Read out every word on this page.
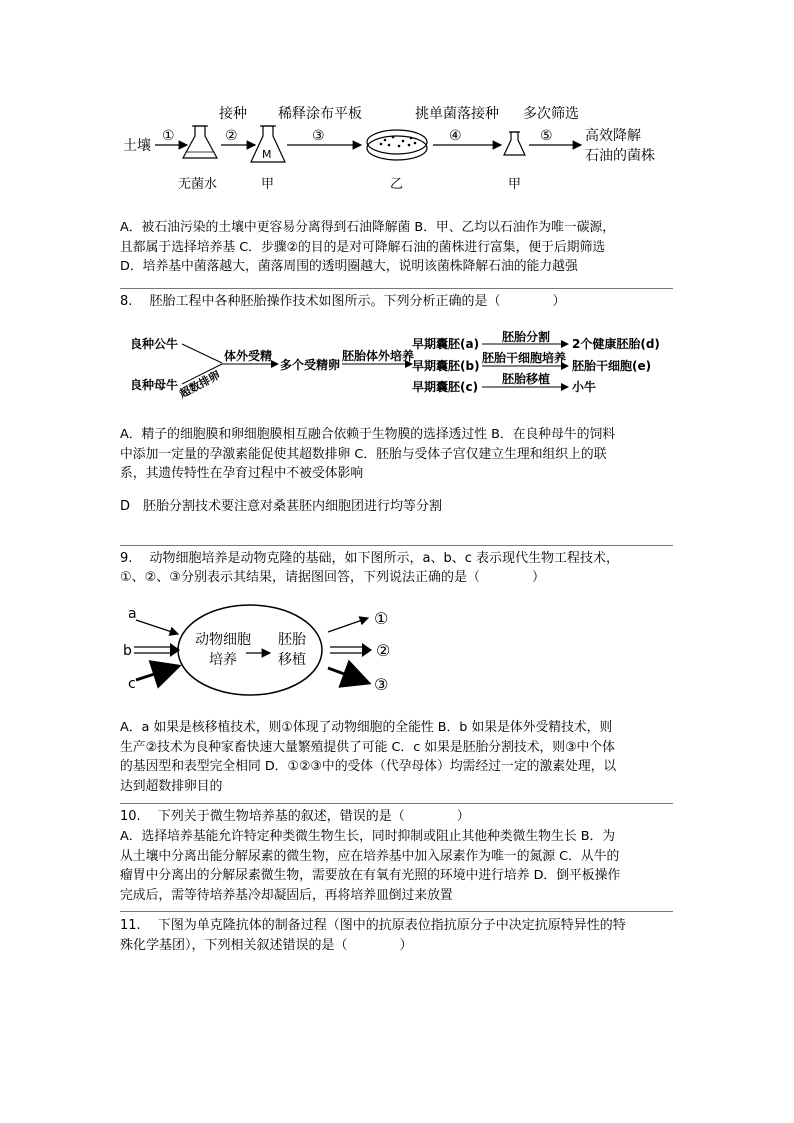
土壤
①
无菌水
接种
②
M
甲
稀释涂布平板
③
乙
挑单菌落接种
④
甲
多次筛选
⑤ 高效降解
石油的菌株
A．被石油污染的土壤中更容易分离得到石油降解菌 B．甲、乙均以石油作为唯一碳源，
且都属于选择培养基 C．步骤②的目的是对可降解石油的菌株进行富集，便于后期筛选
D．培养基中菌落越大，菌落周围的透明圈越大，说明该菌株降解石油的能力越强
8.　 胚胎工程中各种胚胎操作技术如图所示。下列分析正确的是（　　　　）
良种公牛
良种母牛 超数排卵
体外受精
多个受精卵
胚胎体外培养
早期囊胚(a)
早期囊胚(b)
早期囊胚(c)
胚胎分割
胚胎干细胞培养
胚胎移植
2个健康胚胎(d)
胚胎干细胞(e)
小牛
A．精子的细胞膜和卵细胞膜相互融合依赖于生物膜的选择透过性 B．在良种母牛的饲料
中添加一定量的孕激素能促使其超数排卵 C．胚胎与受体子宫仅建立生理和组织上的联
系，其遗传特性在孕育过程中不被受体影响
D　胚胎分割技术要注意对桑葚胚内细胞团进行均等分割
9.　 动物细胞培养是动物克隆的基础，如下图所示，a、b、c 表示现代生物工程技术，
①、②、③分别表示其结果，请据图回答，下列说法正确的是（　　　　）
a
b
c
动物细胞
培养
胚胎
移植
①
②
③
A．a 如果是核移植技术，则①体现了动物细胞的全能性 B．b 如果是体外受精技术，则
生产②技术为良种家畜快速大量繁殖提供了可能 C．c 如果是胚胎分割技术，则③中个体
的基因型和表型完全相同 D．①②③中的受体（代孕母体）均需经过一定的激素处理，以
达到超数排卵目的
10.　 下列关于微生物培养基的叙述，错误的是（　　　　）
A．选择培养基能允许特定种类微生物生长，同时抑制或阻止其他种类微生物生长 B．为
从土壤中分离出能分解尿素的微生物，应在培养基中加入尿素作为唯一的氮源 C．从牛的
瘤胃中分离出的分解尿素微生物，需要放在有氧有光照的环境中进行培养 D．倒平板操作
完成后，需等待培养基冷却凝固后，再将培养皿倒过来放置
11.　 下图为单克隆抗体的制备过程（图中的抗原表位指抗原分子中决定抗原特异性的特
殊化学基团），下列相关叙述错误的是（　　　　）
